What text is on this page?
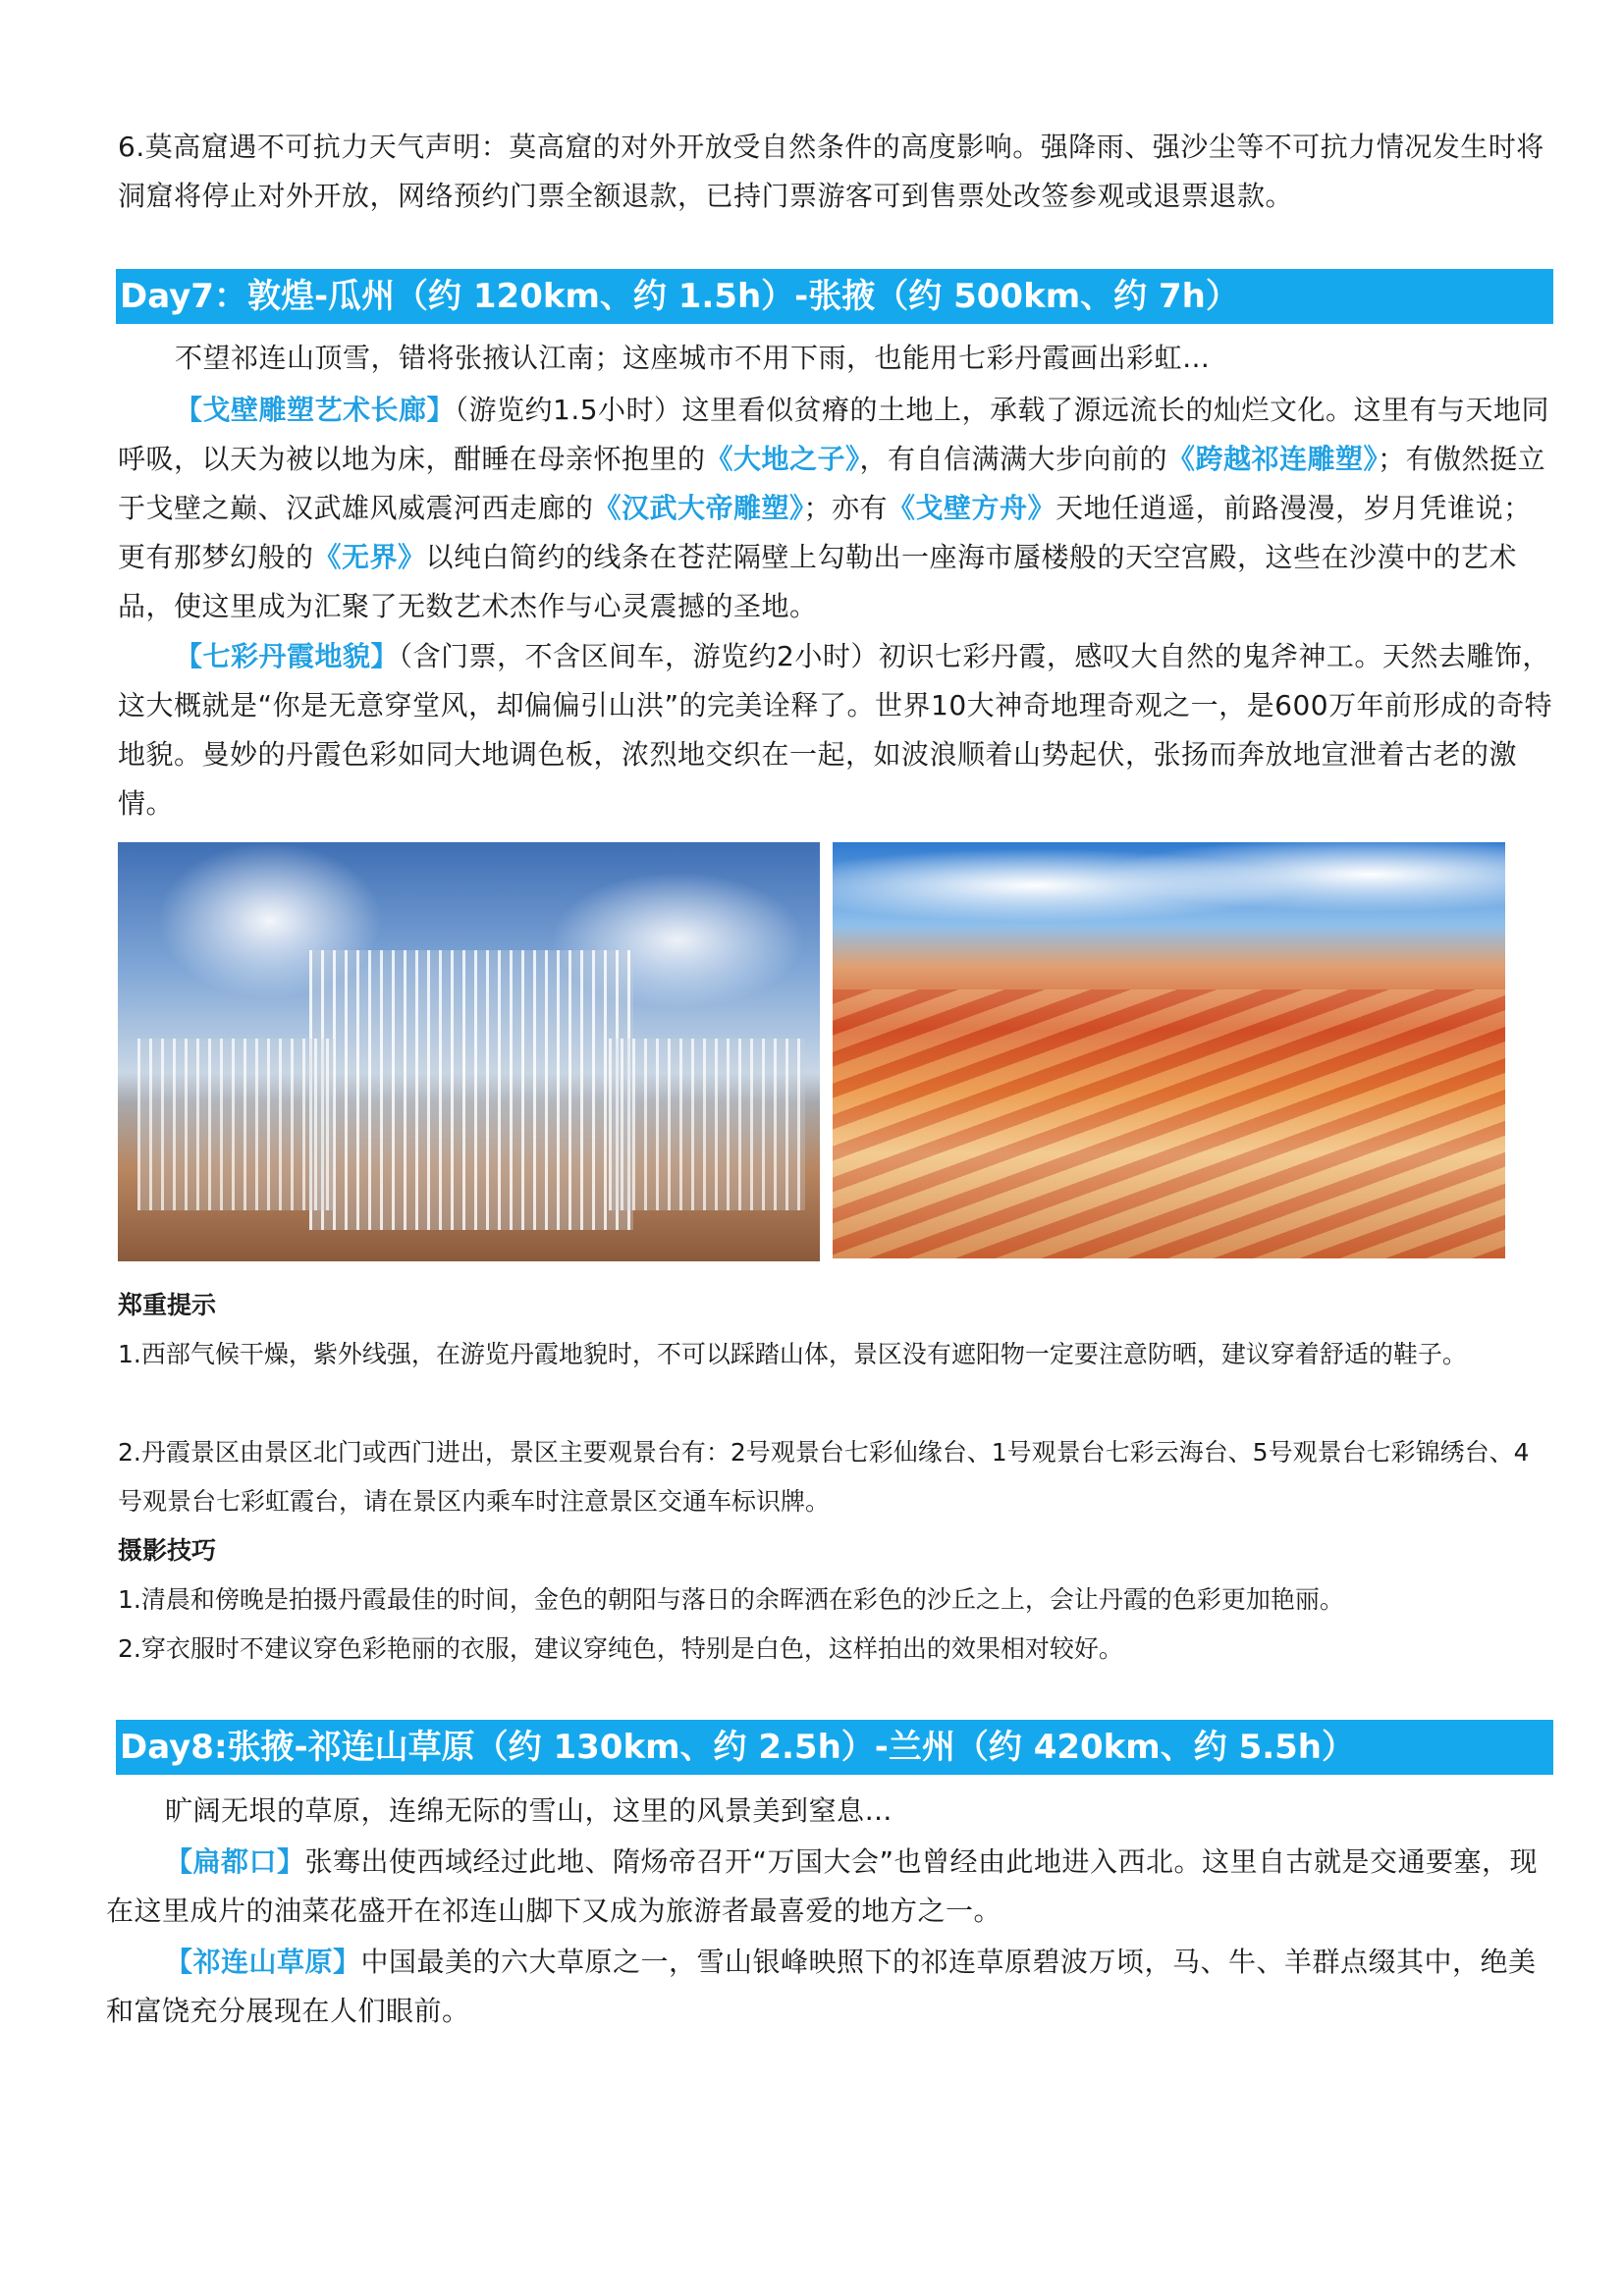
6.莫高窟遇不可抗力天气声明：莫高窟的对外开放受自然条件的高度影响。强降雨、强沙尘等不可抗力情况发生时将洞窟将停止对外开放，网络预约门票全额退款，已持门票游客可到售票处改签参观或退票退款。
Day7：敦煌-瓜州（约 120km、约 1.5h）-张掖（约 500km、约 7h）
不望祁连山顶雪，错将张掖认江南；这座城市不用下雨，也能用七彩丹霞画出彩虹…
【戈壁雕塑艺术长廊】（游览约1.5小时）这里看似贫瘠的土地上，承载了源远流长的灿烂文化。这里有与天地同呼吸，以天为被以地为床，酣睡在母亲怀抱里的《大地之子》，有自信满满大步向前的《跨越祁连雕塑》；有傲然挺立于戈壁之巅、汉武雄风威震河西走廊的《汉武大帝雕塑》；亦有《戈壁方舟》天地任逍遥，前路漫漫，岁月凭谁说；更有那梦幻般的《无界》以纯白简约的线条在苍茫隔壁上勾勒出一座海市蜃楼般的天空宫殿，这些在沙漠中的艺术品，使这里成为汇聚了无数艺术杰作与心灵震撼的圣地。
【七彩丹霞地貌】（含门票，不含区间车，游览约2小时）初识七彩丹霞，感叹大自然的鬼斧神工。天然去雕饰，这大概就是“你是无意穿堂风，却偏偏引山洪”的完美诠释了。世界10大神奇地理奇观之一，是600万年前形成的奇特地貌。曼妙的丹霞色彩如同大地调色板，浓烈地交织在一起，如波浪顺着山势起伏，张扬而奔放地宣泄着古老的激情。
郑重提示
1.西部气候干燥，紫外线强，在游览丹霞地貌时，不可以踩踏山体，景区没有遮阳物一定要注意防晒，建议穿着舒适的鞋子。
2.丹霞景区由景区北门或西门进出，景区主要观景台有：2号观景台七彩仙缘台、1号观景台七彩云海台、5号观景台七彩锦绣台、4号观景台七彩虹霞台，请在景区内乘车时注意景区交通车标识牌。
摄影技巧
1.清晨和傍晚是拍摄丹霞最佳的时间，金色的朝阳与落日的余晖洒在彩色的沙丘之上，会让丹霞的色彩更加艳丽。
2.穿衣服时不建议穿色彩艳丽的衣服，建议穿纯色，特别是白色，这样拍出的效果相对较好。
Day8:张掖-祁连山草原（约 130km、约 2.5h）-兰州（约 420km、约 5.5h）
旷阔无垠的草原，连绵无际的雪山，这里的风景美到窒息…
【扁都口】张骞出使西域经过此地、隋炀帝召开“万国大会”也曾经由此地进入西北。这里自古就是交通要塞，现在这里成片的油菜花盛开在祁连山脚下又成为旅游者最喜爱的地方之一。
【祁连山草原】中国最美的六大草原之一，雪山银峰映照下的祁连草原碧波万顷，马、牛、羊群点缀其中，绝美和富饶充分展现在人们眼前。
